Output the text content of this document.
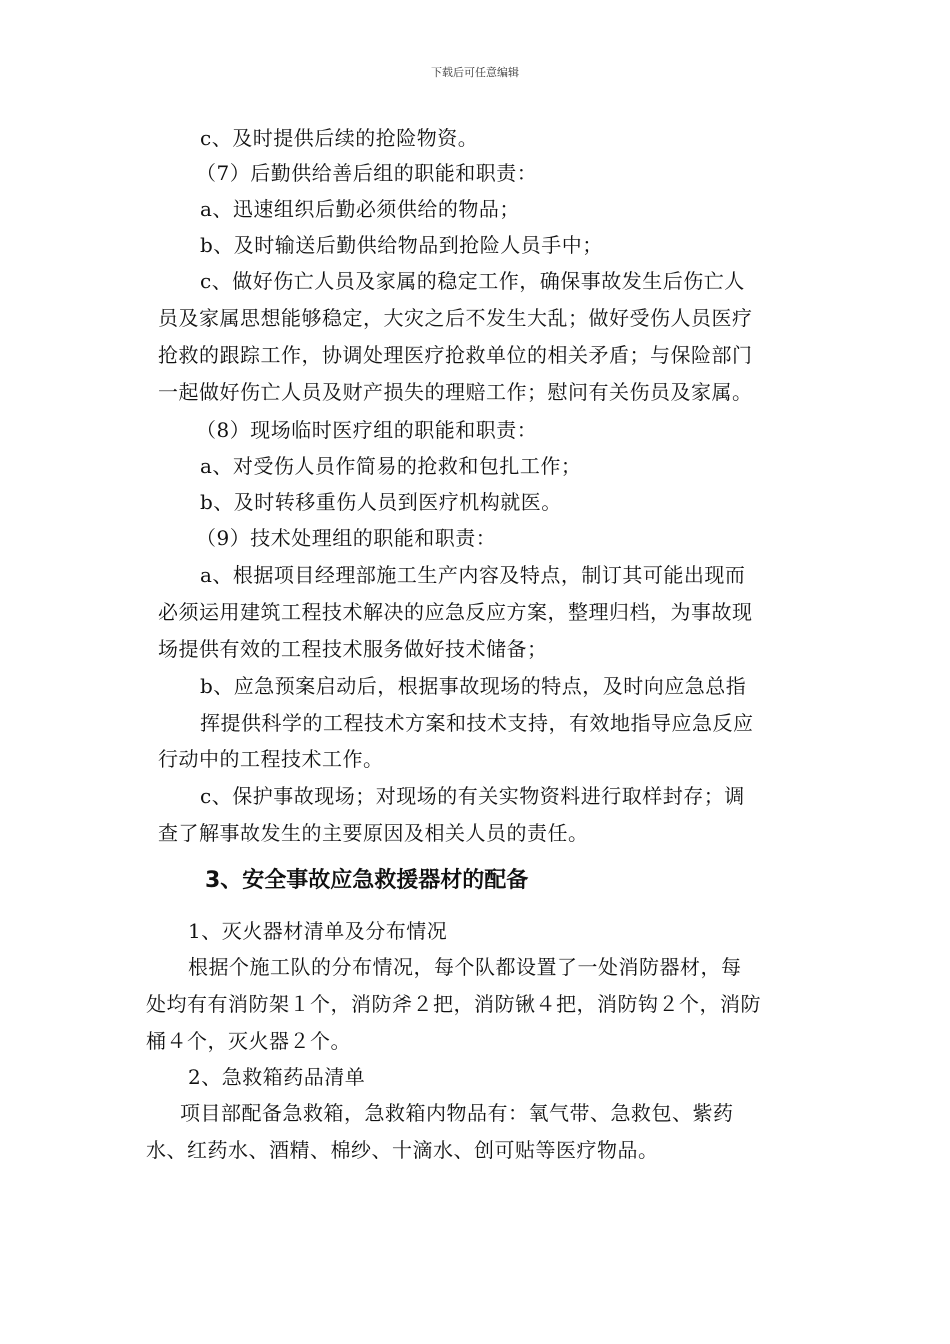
下载后可任意编辑
c、及时提供后续的抢险物资。
（7）后勤供给善后组的职能和职责：
a、迅速组织后勤必须供给的物品；
b、及时输送后勤供给物品到抢险人员手中；
c、做好伤亡人员及家属的稳定工作，确保事故发生后伤亡人
员及家属思想能够稳定，大灾之后不发生大乱；做好受伤人员医疗
抢救的跟踪工作，协调处理医疗抢救单位的相关矛盾；与保险部门
一起做好伤亡人员及财产损失的理赔工作；慰问有关伤员及家属。
（8）现场临时医疗组的职能和职责：
a、对受伤人员作简易的抢救和包扎工作；
b、及时转移重伤人员到医疗机构就医。
（9）技术处理组的职能和职责：
a、根据项目经理部施工生产内容及特点，制订其可能出现而
必须运用建筑工程技术解决的应急反应方案，整理归档，为事故现
场提供有效的工程技术服务做好技术储备；
b、应急预案启动后，根据事故现场的特点，及时向应急总指
挥提供科学的工程技术方案和技术支持，有效地指导应急反应
行动中的工程技术工作。
c、保护事故现场；对现场的有关实物资料进行取样封存；调
查了解事故发生的主要原因及相关人员的责任。
3、安全事故应急救援器材的配备
1、灭火器材清单及分布情况
根据个施工队的分布情况，每个队都设置了一处消防器材，每
处均有有消防架１个，消防斧２把，消防锹４把，消防钩２个，消防
桶４个，灭火器２个。
2、急救箱药品清单
项目部配备急救箱，急救箱内物品有：氧气带、急救包、紫药
水、红药水、酒精、棉纱、十滴水、创可贴等医疗物品。
